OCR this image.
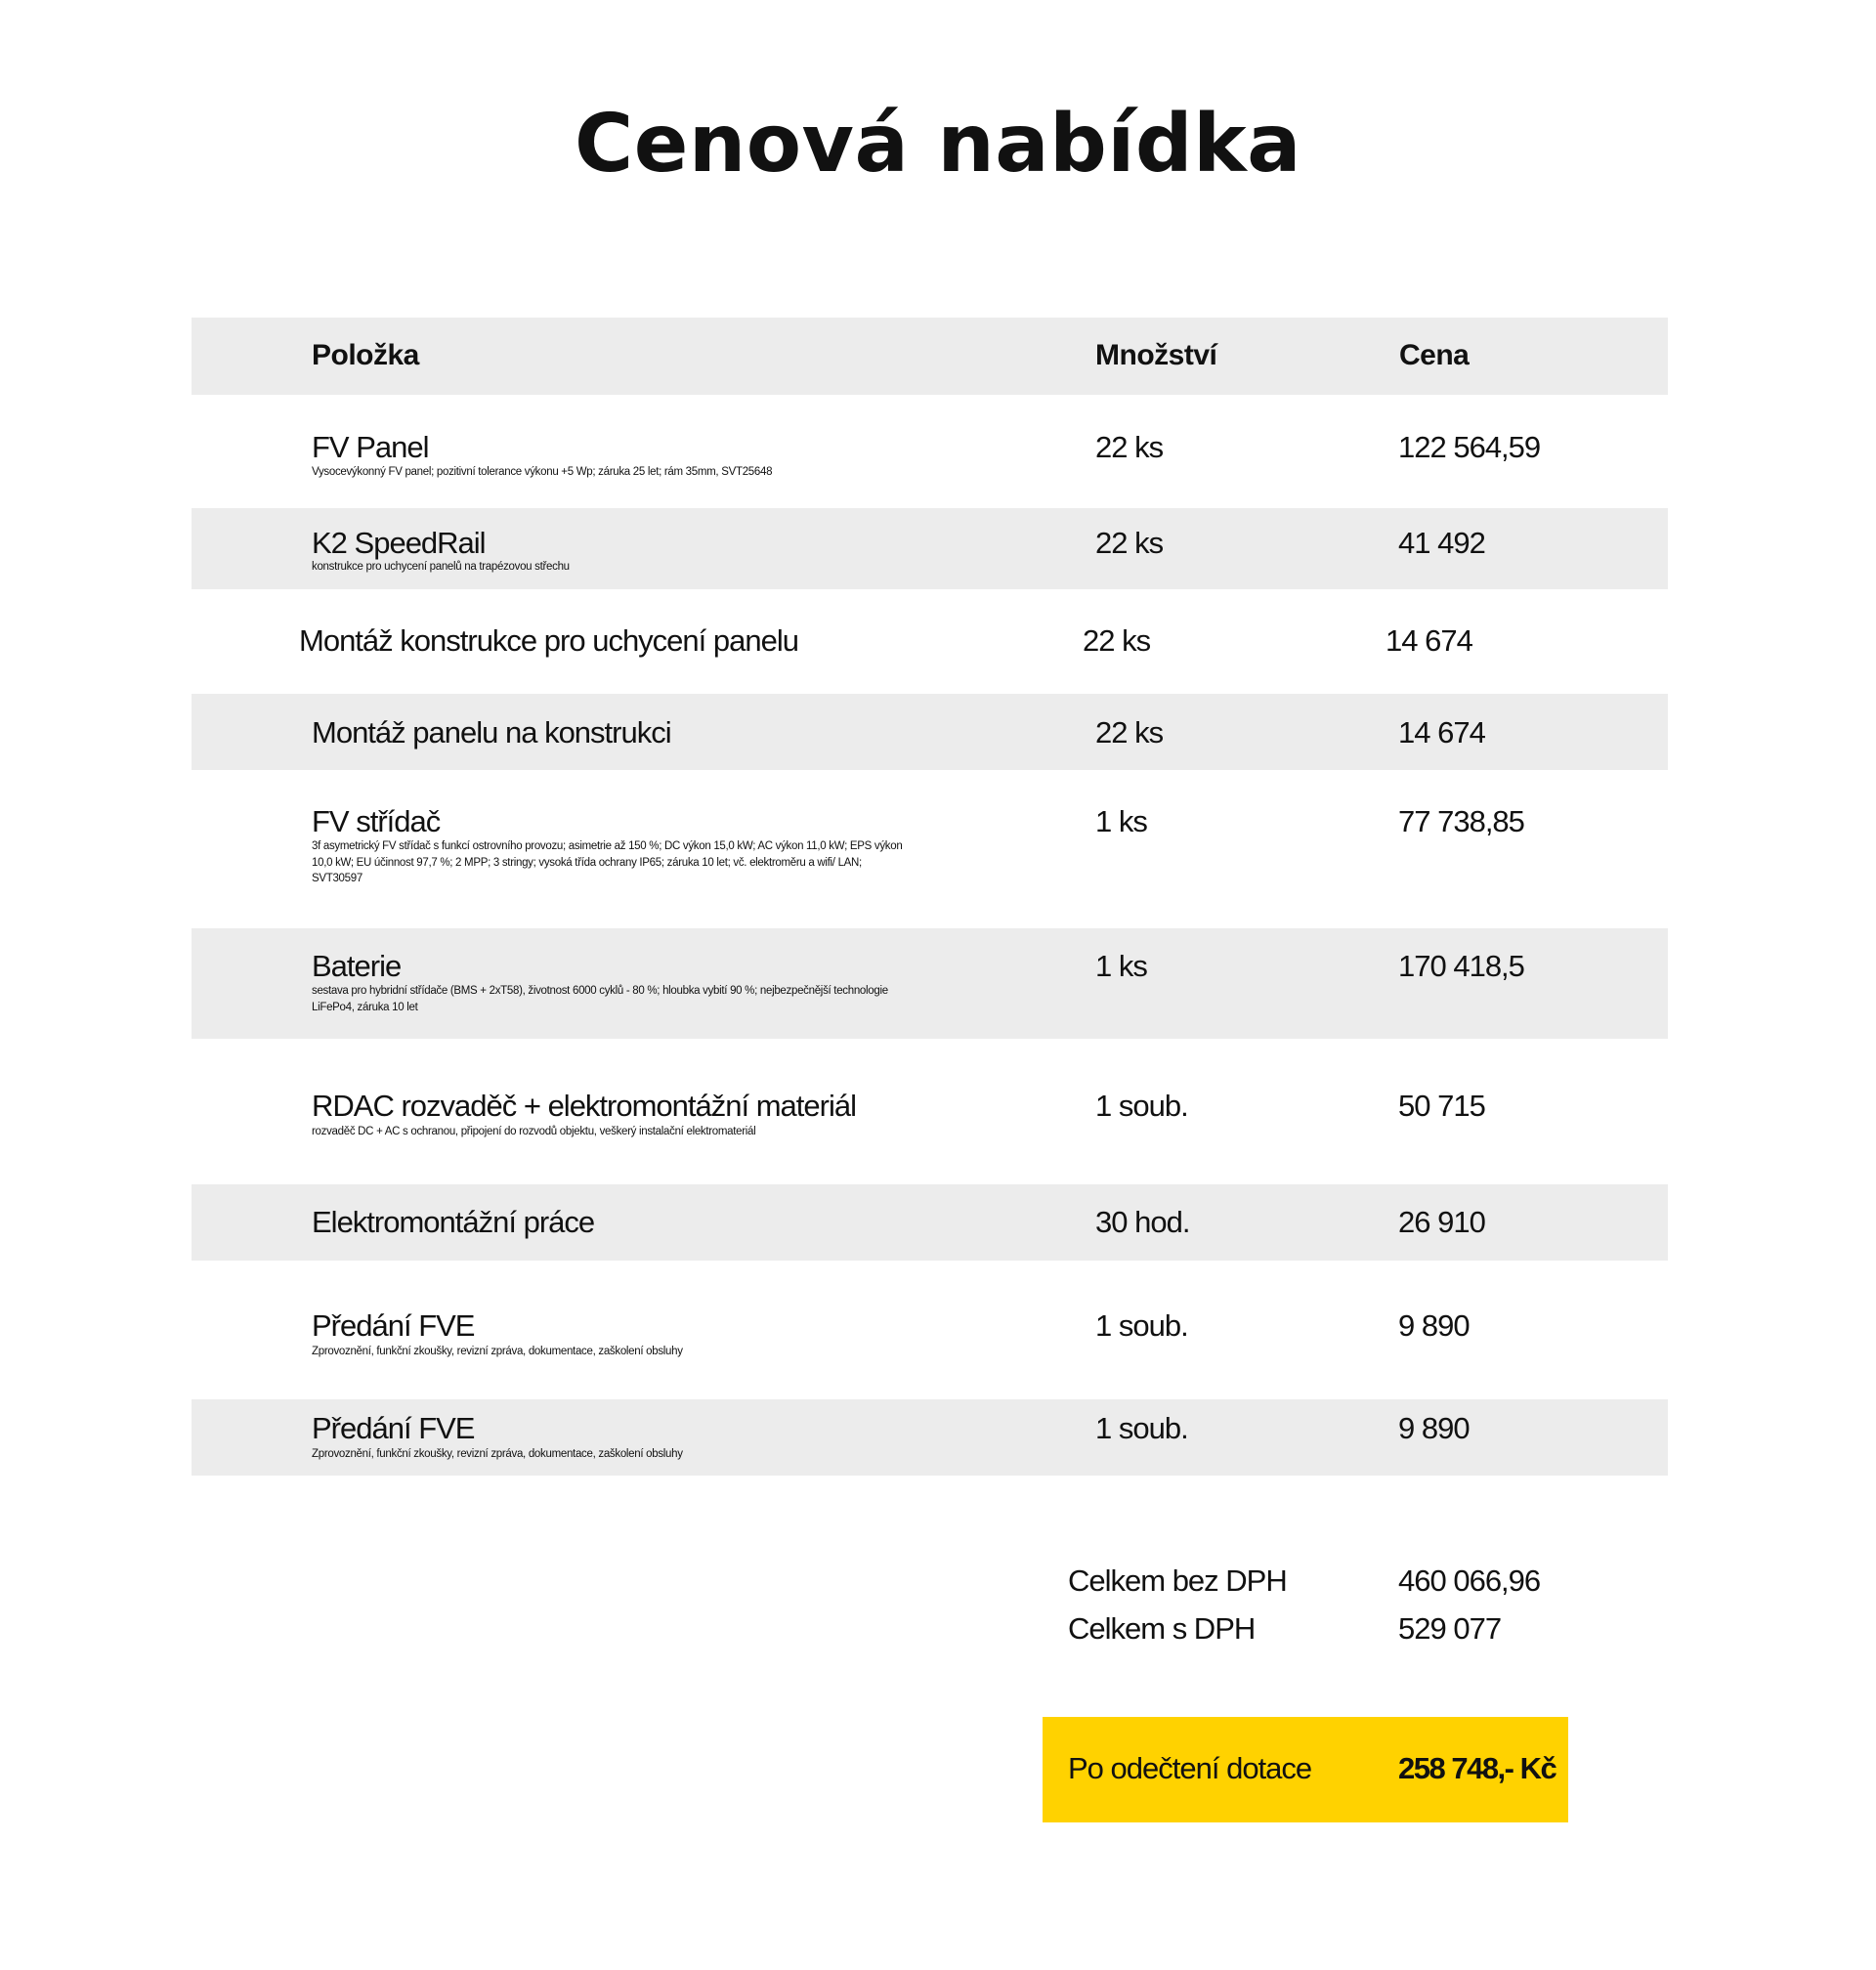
Cenová nabídka
Položka	Množství	Cena
FV Panel
Vysocevýkonný FV panel; pozitivní tolerance výkonu +5 Wp; záruka 25 let; rám 35mm, SVT25648
22 ks	122 564,59
K2 SpeedRail
konstrukce pro uchycení panelů na trapézovou střechu
22 ks	41 492
Montáž konstrukce pro uchycení panelu	22 ks	14 674
Montáž panelu na konstrukci	22 ks	14 674
FV střídač
3f asymetrický FV střídač s funkcí ostrovního provozu; asimetrie až 150 %; DC výkon 15,0 kW; AC výkon 11,0 kW; EPS výkon 10,0 kW; EU účinnost 97,7 %; 2 MPP; 3 stringy; vysoká třída ochrany IP65; záruka 10 let; vč. elektroměru a wifi/ LAN; SVT30597
1 ks	77 738,85
Baterie
sestava pro hybridní střídače (BMS + 2xT58), životnost 6000 cyklů - 80 %; hloubka vybití 90 %; nejbezpečnější technologie LiFePo4, záruka 10 let
1 ks	170 418,5
RDAC rozvaděč + elektromontážní materiál
rozvaděč DC + AC s ochranou, připojení do rozvodů objektu, veškerý instalační elektromateriál
1 soub.	50 715
Elektromontážní práce	30 hod.	26 910
Předání FVE
Zprovoznění, funkční zkoušky, revizní zpráva, dokumentace, zaškolení obsluhy
1 soub.	9 890
Předání FVE
Zprovoznění, funkční zkoušky, revizní zpráva, dokumentace, zaškolení obsluhy
1 soub.	9 890
Celkem bez DPH	460 066,96
Celkem s DPH	529 077
Po odečtení dotace	258 748,- Kč
